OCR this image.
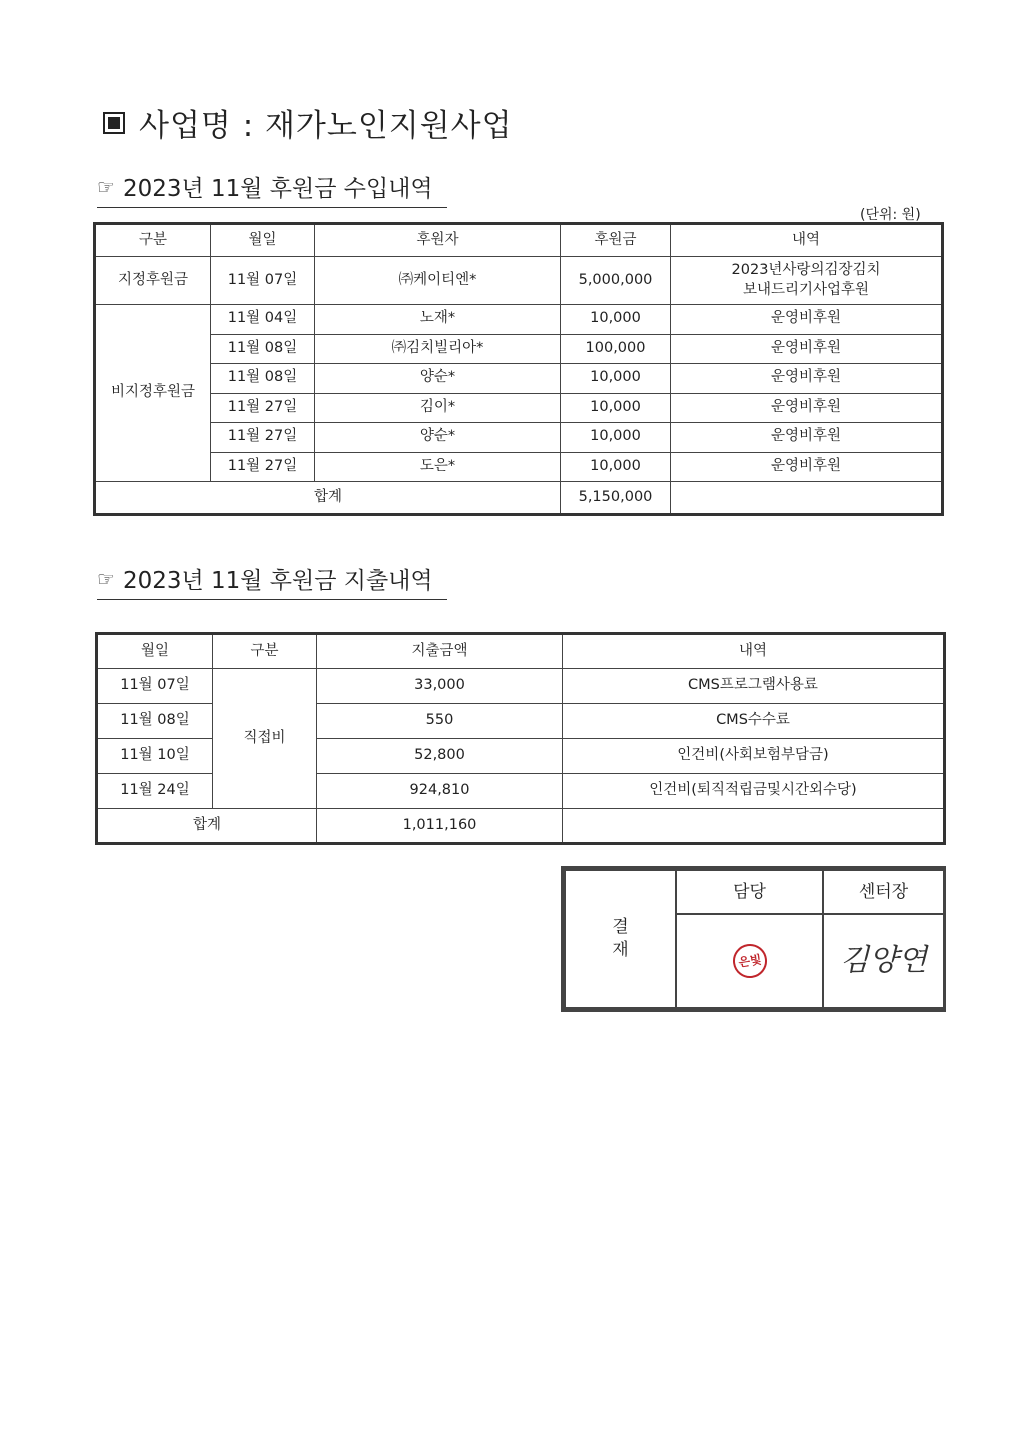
사업명 : 재가노인지원사업
☞ 2023년 11월 후원금 수입내역
(단위: 원)
구분	월일	후원자	후원금	내역
지정후원금	11월 07일	㈜케이티엔*	5,000,000	2023년사랑의김장김치
보내드리기사업후원

비지정후원금	11월 04일	노재*	10,000	운영비후원
	11월 08일	㈜김치빌리아*	100,000	운영비후원
	11월 08일	양순*	10,000	운영비후원
	11월 27일	김이*	10,000	운영비후원
	11월 27일	양순*	10,000	운영비후원
	11월 27일	도은*	10,000	운영비후원
합계			5,150,000	
☞ 2023년 11월 후원금 지출내역
월일	구분	지출금액	내역
11월 07일	직접비	33,000	CMS프로그램사용료
11월 08일		550	CMS수수료
11월 10일		52,800	인건비(사회보험부담금)
11월 24일		924,810	인건비(퇴직적립금및시간외수당)
합계		1,011,160	
결
재	담당	센터장

은빛	김양연
